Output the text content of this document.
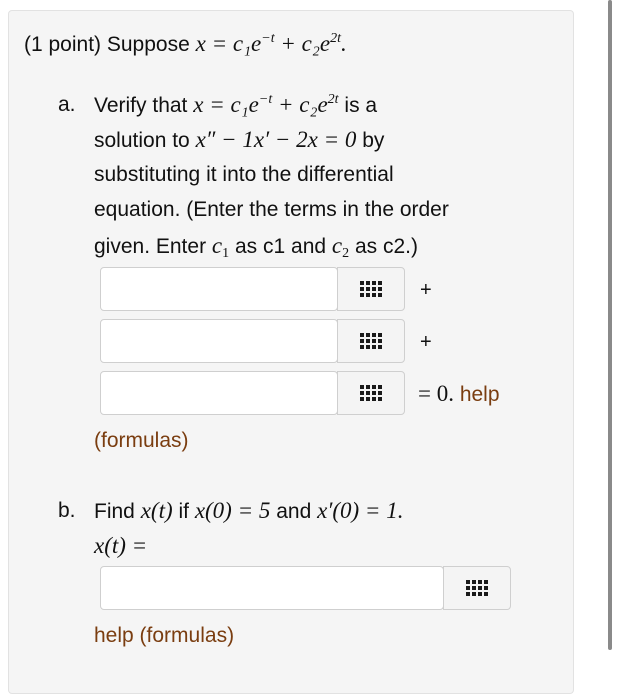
(1 point) Suppose $x = c_1e^{-t} + c_2e^{2t}$.
a. Verify that $x = c_1e^{-t} + c_2e^{2t}$ is a
solution to x″ − 1x′ − 2x = 0 by
substituting it into the differential
equation. (Enter the terms in the order
given. Enter $c_1$ as c1 and $c_2$ as c2.)
+
+
= 0. help
(formulas)
b. Find x(t) if x(0) = 5 and x′(0) = 1.
x(t) =
help (formulas)
